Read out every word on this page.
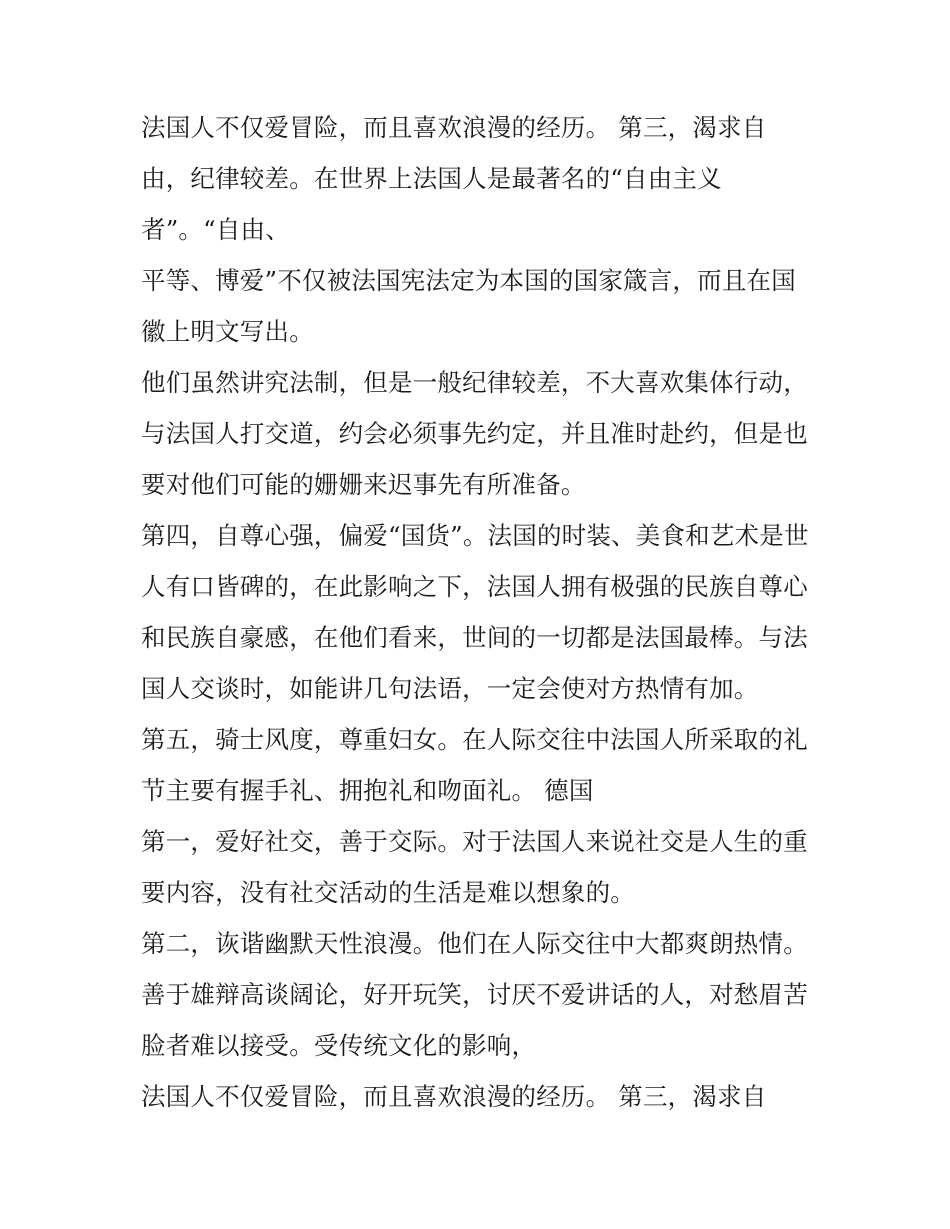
法国人不仅爱冒险，而且喜欢浪漫的经历。 第三，渴求自
由，纪律较差。在世界上法国人是最著名的“自由主义
者”。“自由、
平等、博爱”不仅被法国宪法定为本国的国家箴言，而且在国
徽上明文写出。
他们虽然讲究法制，但是一般纪律较差，不大喜欢集体行动，
与法国人打交道，约会必须事先约定，并且准时赴约，但是也
要对他们可能的姗姗来迟事先有所准备。
第四，自尊心强，偏爱“国货”。法国的时装、美食和艺术是世
人有口皆碑的，在此影响之下，法国人拥有极强的民族自尊心
和民族自豪感，在他们看来，世间的一切都是法国最棒。与法
国人交谈时，如能讲几句法语，一定会使对方热情有加。
第五，骑士风度，尊重妇女。在人际交往中法国人所采取的礼
节主要有握手礼、拥抱礼和吻面礼。 德国
第一，爱好社交，善于交际。对于法国人来说社交是人生的重
要内容，没有社交活动的生活是难以想象的。
第二，诙谐幽默天性浪漫。他们在人际交往中大都爽朗热情。
善于雄辩高谈阔论，好开玩笑，讨厌不爱讲话的人，对愁眉苦
脸者难以接受。受传统文化的影响，
法国人不仅爱冒险，而且喜欢浪漫的经历。 第三，渴求自
